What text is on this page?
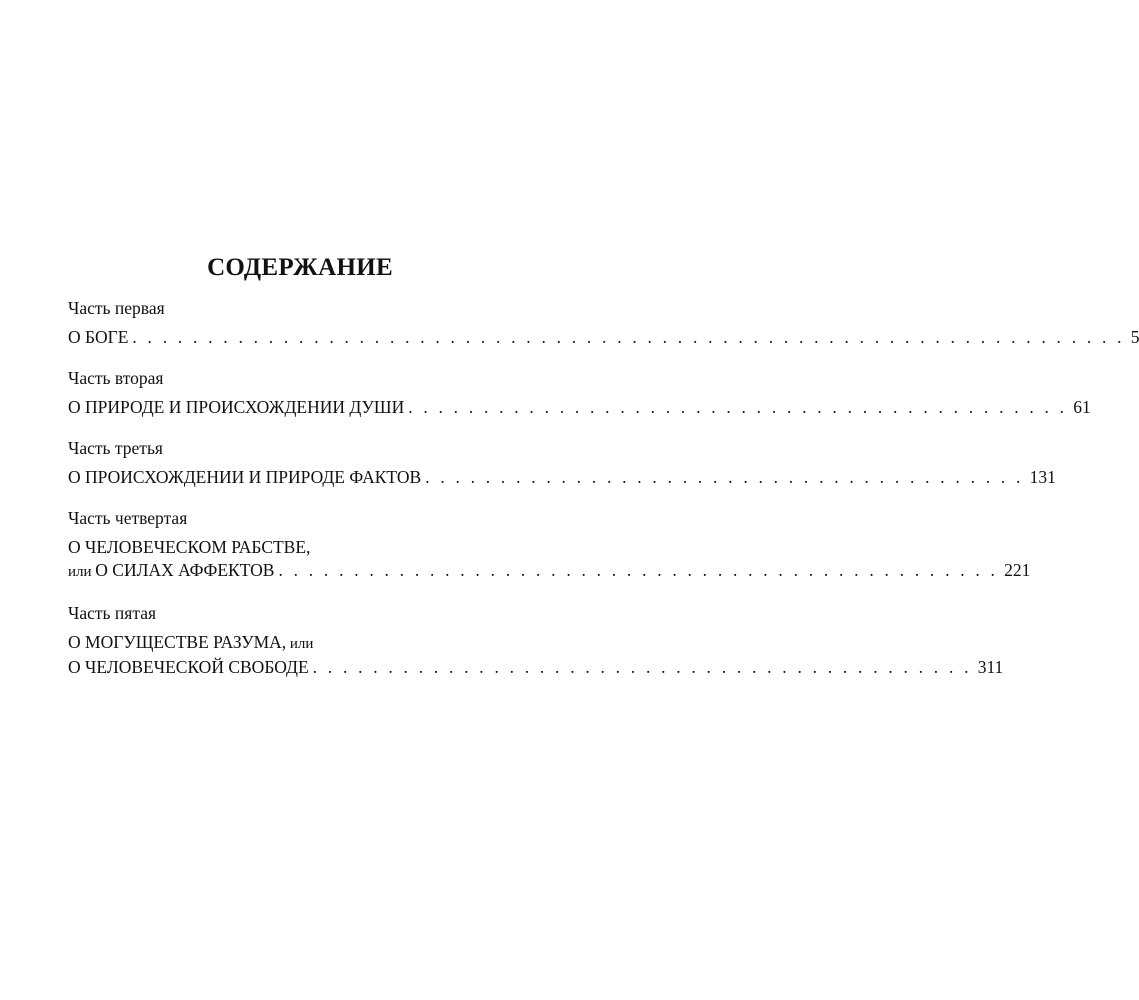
СОДЕРЖАНИЕ
Часть первая
О БОГЕ . . . . . . . . . . . . . . . . . . . . . . . . . . . . . . . . . . . . . . . . . . . . . . . . . . . . . . . . . . . . . . . . . . 5
Часть вторая
О ПРИРОДЕ И ПРОИСХОЖДЕНИИ ДУШИ . . . . . . . . . . . . . . . . . . . . . . . . . . . . . . . . . . . . . . . . . . . . 61
Часть третья
О ПРОИСХОЖДЕНИИ И ПРИРОДЕ ФАКТОВ . . . . . . . . . . . . . . . . . . . . . . . . . . . . . . . . . . . . . . . . 131
Часть четвертая
О ЧЕЛОВЕЧЕСКОМ РАБСТВЕ,
или О СИЛАХ АФФЕКТОВ . . . . . . . . . . . . . . . . . . . . . . . . . . . . . . . . . . . . . . . . . . . . . . . . 221
Часть пятая
О МОГУЩЕСТВЕ РАЗУМА, или
О ЧЕЛОВЕЧЕСКОЙ СВОБОДЕ . . . . . . . . . . . . . . . . . . . . . . . . . . . . . . . . . . . . . . . . . . . . 311
